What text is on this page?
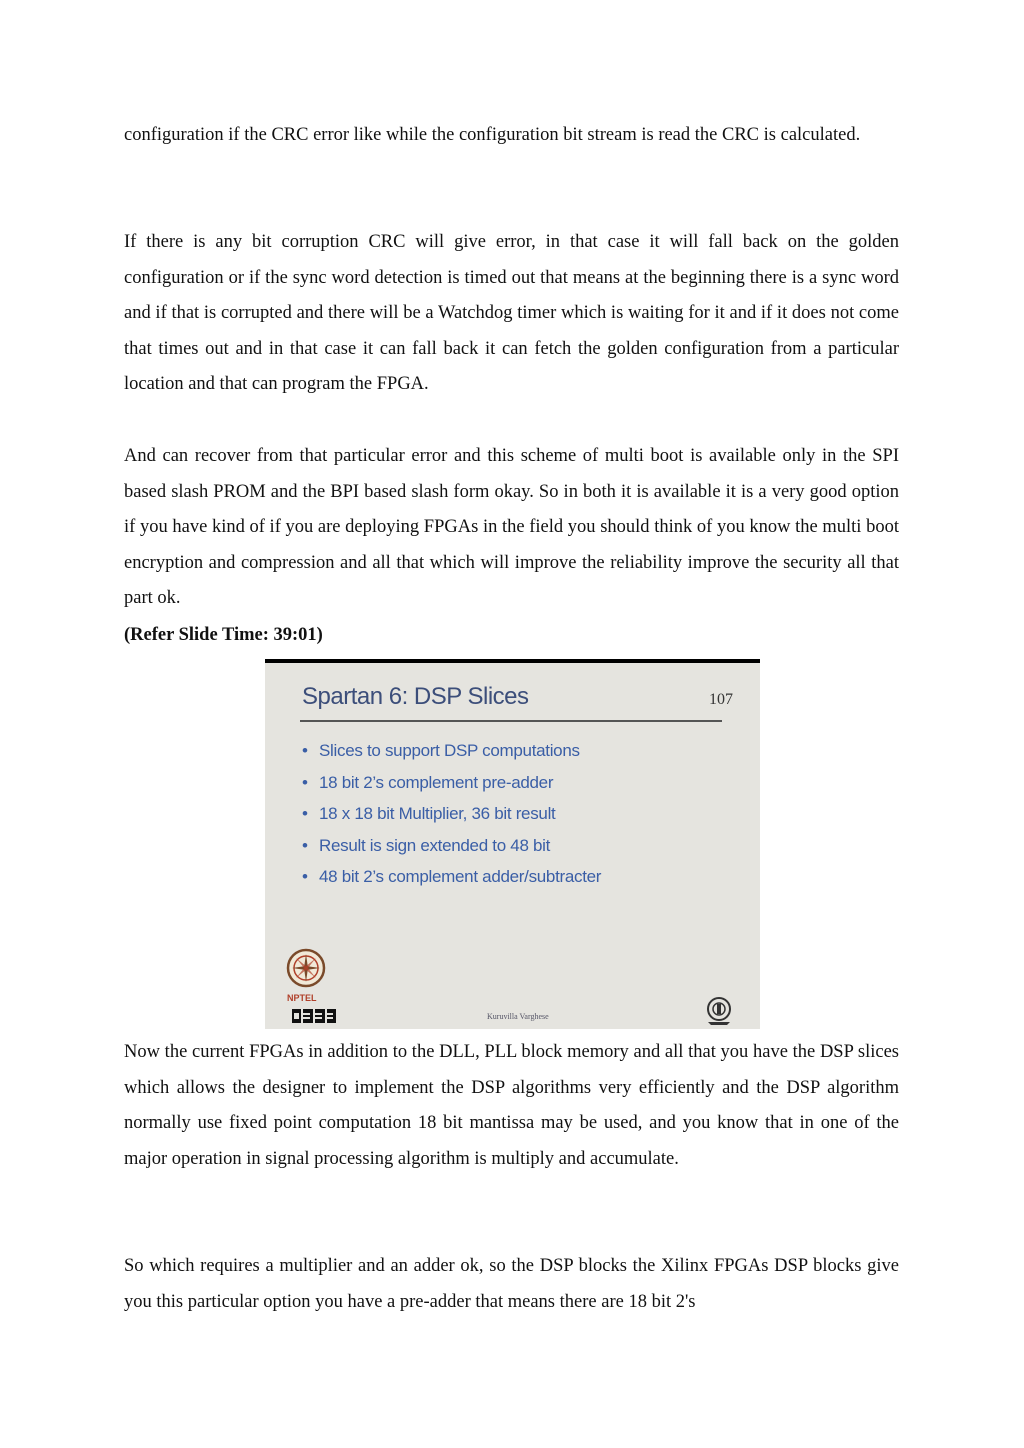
configuration if the CRC error like while the configuration bit stream is read the CRC is calculated.

If there is any bit corruption CRC will give error, in that case it will fall back on the golden configuration or if the sync word detection is timed out that means at the beginning there is a sync word and if that is corrupted and there will be a Watchdog timer which is waiting for it and if it does not come that times out and in that case it can fall back it can fetch the golden configuration from a particular location and that can program the FPGA.

And can recover from that particular error and this scheme of multi boot is available only in the SPI based slash PROM and the BPI based slash form okay. So in both it is available it is a very good option if you have kind of if you are deploying FPGAs in the field you should think of you know the multi boot encryption and compression and all that which will improve the reliability improve the security all that part ok.

(Refer Slide Time: 39:01)

Spartan 6: DSP Slices	107
• Slices to support DSP computations
• 18 bit 2’s complement pre-adder
• 18 x 18 bit Multiplier, 36 bit result
• Result is sign extended to 48 bit
• 48 bit 2’s complement adder/subtracter
NPTEL
Kuruvilla Varghese

Now the current FPGAs in addition to the DLL, PLL block memory and all that you have the DSP slices which allows the designer to implement the DSP algorithms very efficiently and the DSP algorithm normally use fixed point computation 18 bit mantissa may be used, and you know that in one of the major operation in signal processing algorithm is multiply and accumulate.

So which requires a multiplier and an adder ok, so the DSP blocks the Xilinx FPGAs DSP blocks give you this particular option you have a pre-adder that means there are 18 bit 2's
